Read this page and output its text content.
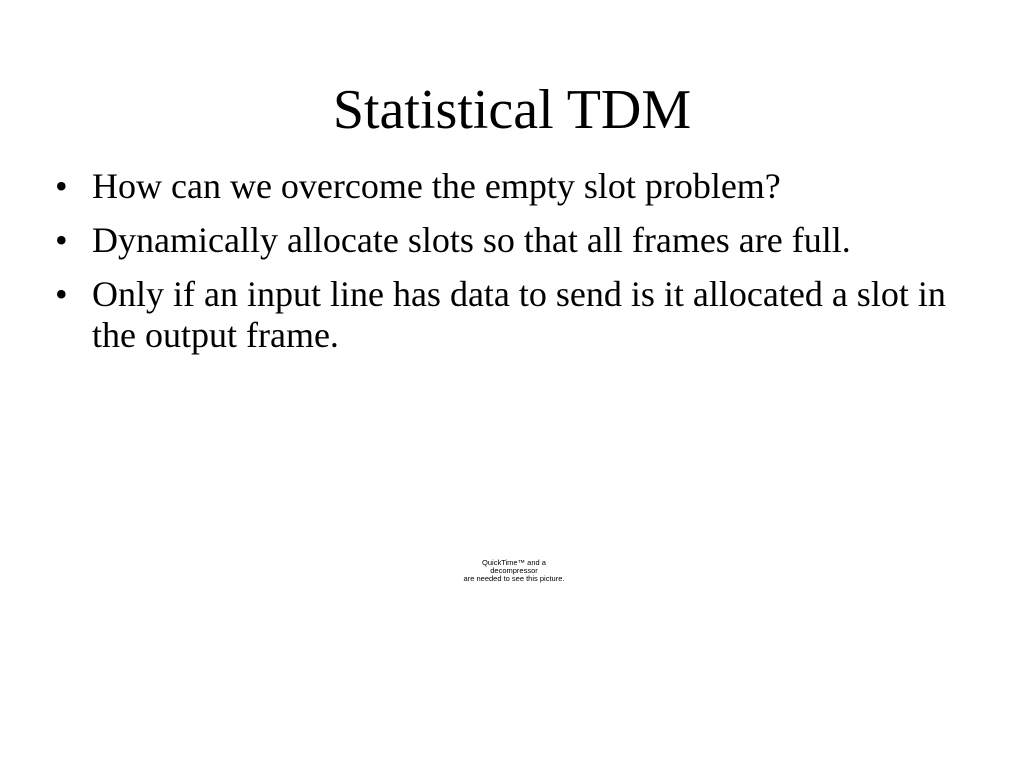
Statistical TDM
• How can we overcome the empty slot problem?
• Dynamically allocate slots so that all frames are full.
• Only if an input line has data to send is it allocated a slot in the output frame.
QuickTime™ and a
decompressor
are needed to see this picture.
